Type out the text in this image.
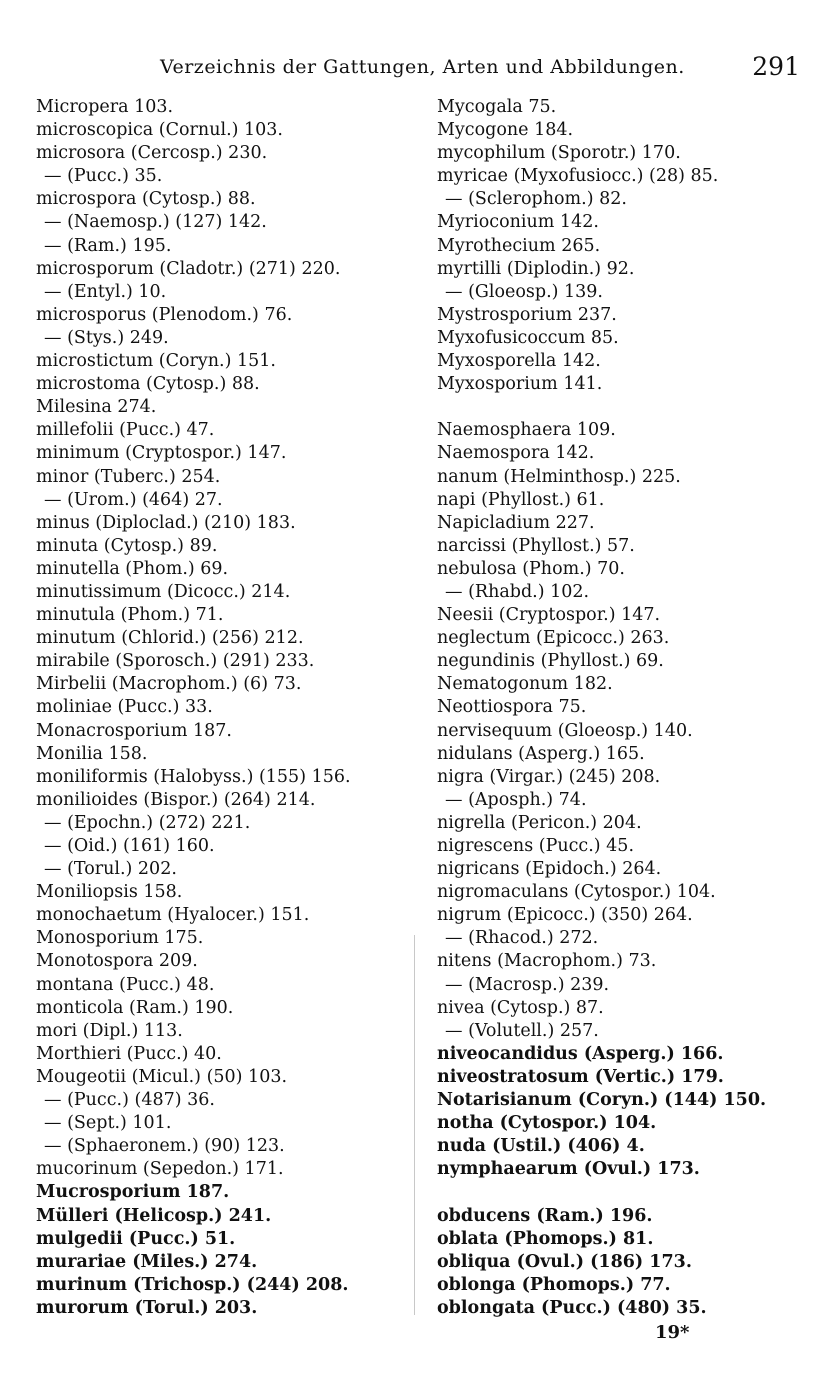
Verzeichnis der Gattungen, Arten und Abbildungen.	291
Micropera 103.
microscopica (Cornul.) 103.
microsora (Cercosp.) 230.
— (Pucc.) 35.
microspora (Cytosp.) 88.
— (Naemosp.) (127) 142.
— (Ram.) 195.
microsporum (Cladotr.) (271) 220.
— (Entyl.) 10.
microsporus (Plenodom.) 76.
— (Stys.) 249.
microstictum (Coryn.) 151.
microstoma (Cytosp.) 88.
Milesina 274.
millefolii (Pucc.) 47.
minimum (Cryptospor.) 147.
minor (Tuberc.) 254.
— (Urom.) (464) 27.
minus (Diploclad.) (210) 183.
minuta (Cytosp.) 89.
minutella (Phom.) 69.
minutissimum (Dicocc.) 214.
minutula (Phom.) 71.
minutum (Chlorid.) (256) 212.
mirabile (Sporosch.) (291) 233.
Mirbelii (Macrophom.) (6) 73.
moliniae (Pucc.) 33.
Monacrosporium 187.
Monilia 158.
moniliformis (Halobyss.) (155) 156.
monilioides (Bispor.) (264) 214.
— (Epochn.) (272) 221.
— (Oid.) (161) 160.
— (Torul.) 202.
Moniliopsis 158.
monochaetum (Hyalocer.) 151.
Monosporium 175.
Monotospora 209.
montana (Pucc.) 48.
monticola (Ram.) 190.
mori (Dipl.) 113.
Morthieri (Pucc.) 40.
Mougeotii (Micul.) (50) 103.
— (Pucc.) (487) 36.
— (Sept.) 101.
— (Sphaeronem.) (90) 123.
mucorinum (Sepedon.) 171.
Mucrosporium 187.
Mülleri (Helicosp.) 241.
mulgedii (Pucc.) 51.
murariae (Miles.) 274.
murinum (Trichosp.) (244) 208.
murorum (Torul.) 203.
Mycogala 75.
Mycogone 184.
mycophilum (Sporotr.) 170.
myricae (Myxofusiocc.) (28) 85.
— (Sclerophom.) 82.
Myrioconium 142.
Myrothecium 265.
myrtilli (Diplodin.) 92.
— (Gloeosp.) 139.
Mystrosporium 237.
Myxofusicoccum 85.
Myxosporella 142.
Myxosporium 141.
Naemosphaera 109.
Naemospora 142.
nanum (Helminthosp.) 225.
napi (Phyllost.) 61.
Napicladium 227.
narcissi (Phyllost.) 57.
nebulosa (Phom.) 70.
— (Rhabd.) 102.
Neesii (Cryptospor.) 147.
neglectum (Epicocc.) 263.
negundinis (Phyllost.) 69.
Nematogonum 182.
Neottiospora 75.
nervisequum (Gloeosp.) 140.
nidulans (Asperg.) 165.
nigra (Virgar.) (245) 208.
— (Aposph.) 74.
nigrella (Pericon.) 204.
nigrescens (Pucc.) 45.
nigricans (Epidoch.) 264.
nigromaculans (Cytospor.) 104.
nigrum (Epicocc.) (350) 264.
— (Rhacod.) 272.
nitens (Macrophom.) 73.
— (Macrosp.) 239.
nivea (Cytosp.) 87.
— (Volutell.) 257.
niveocandidus (Asperg.) 166.
niveostratosum (Vertic.) 179.
Notarisianum (Coryn.) (144) 150.
notha (Cytospor.) 104.
nuda (Ustil.) (406) 4.
nymphaearum (Ovul.) 173.
obducens (Ram.) 196.
oblata (Phomops.) 81.
obliqua (Ovul.) (186) 173.
oblonga (Phomops.) 77.
oblongata (Pucc.) (480) 35.
19*
